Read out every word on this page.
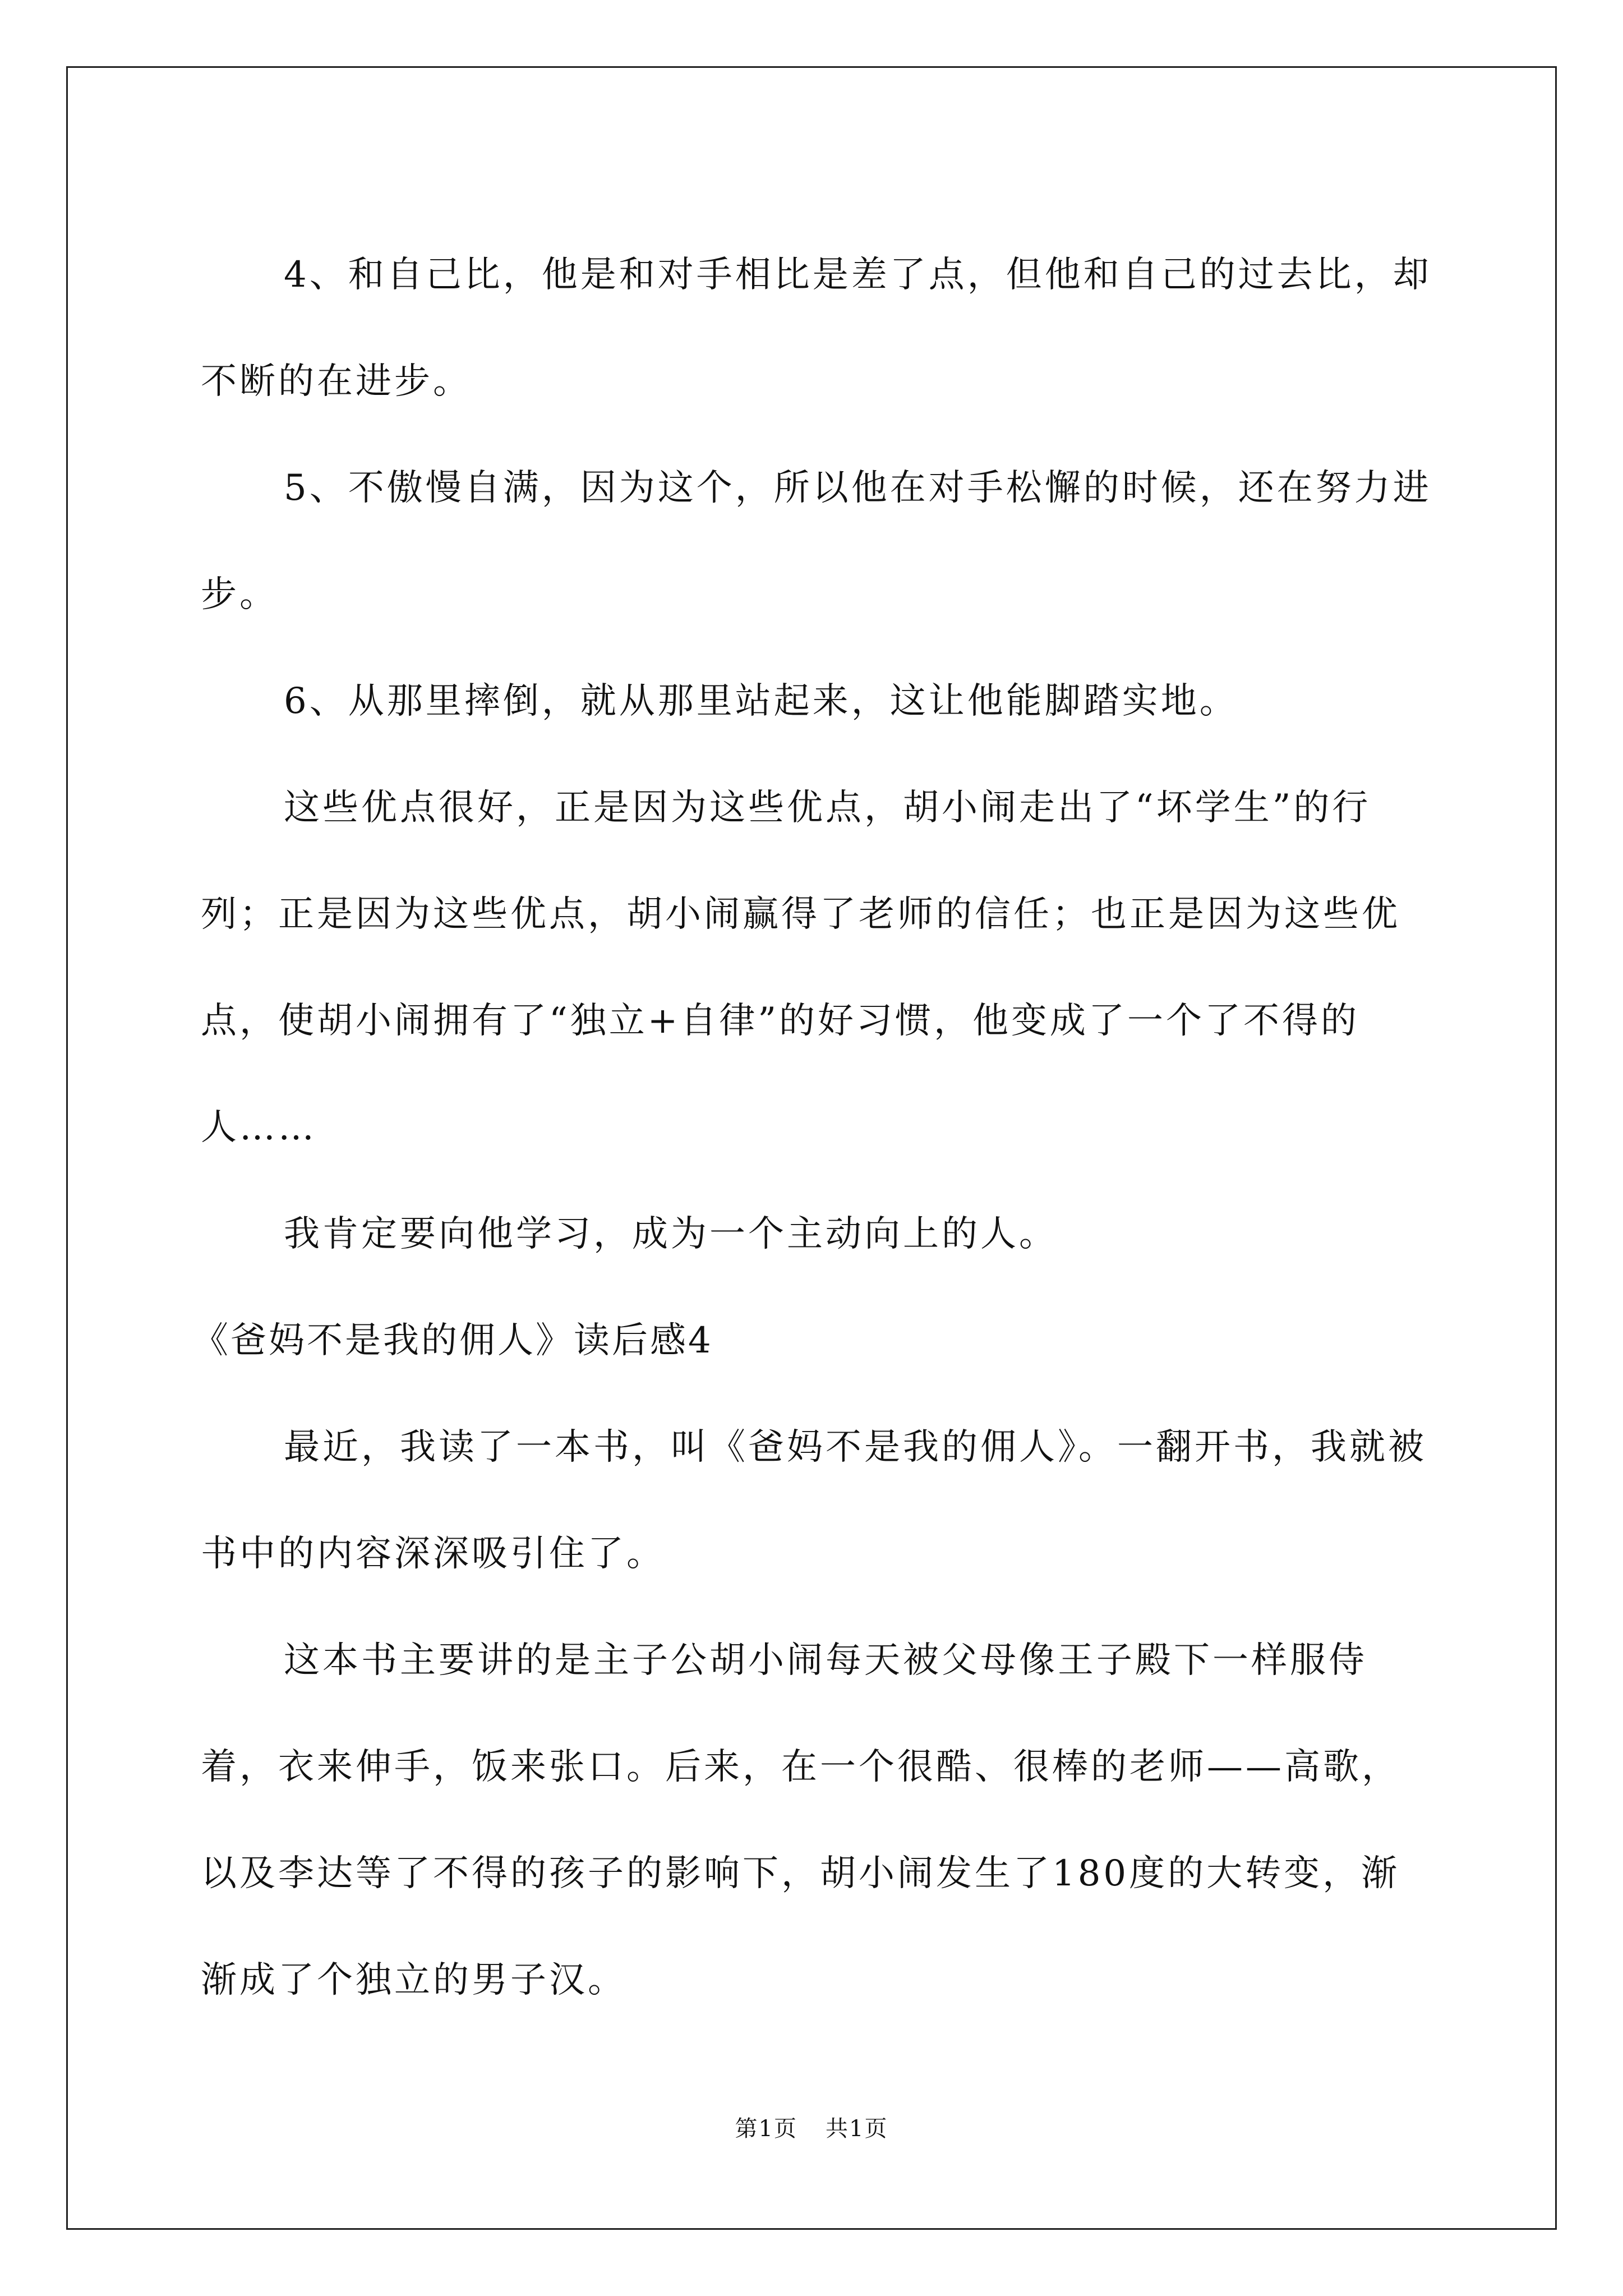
4、和自己比，他是和对手相比是差了点，但他和自己的过去比，却不断的在进步。

5、不傲慢自满，因为这个，所以他在对手松懈的时候，还在努力进步。

6、从那里摔倒，就从那里站起来，这让他能脚踏实地。

这些优点很好，正是因为这些优点，胡小闹走出了“坏学生”的行列；正是因为这些优点，胡小闹赢得了老师的信任；也正是因为这些优点，使胡小闹拥有了“独立+自律”的好习惯，他变成了一个了不得的人……

我肯定要向他学习，成为一个主动向上的人。

《爸妈不是我的佣人》读后感4

最近，我读了一本书，叫《爸妈不是我的佣人》。一翻开书，我就被书中的内容深深吸引住了。

这本书主要讲的是主子公胡小闹每天被父母像王子殿下一样服侍着，衣来伸手，饭来张口。后来，在一个很酷、很棒的老师——高歌，以及李达等了不得的孩子的影响下，胡小闹发生了180度的大转变，渐渐成了个独立的男子汉。

第1页 共1页
